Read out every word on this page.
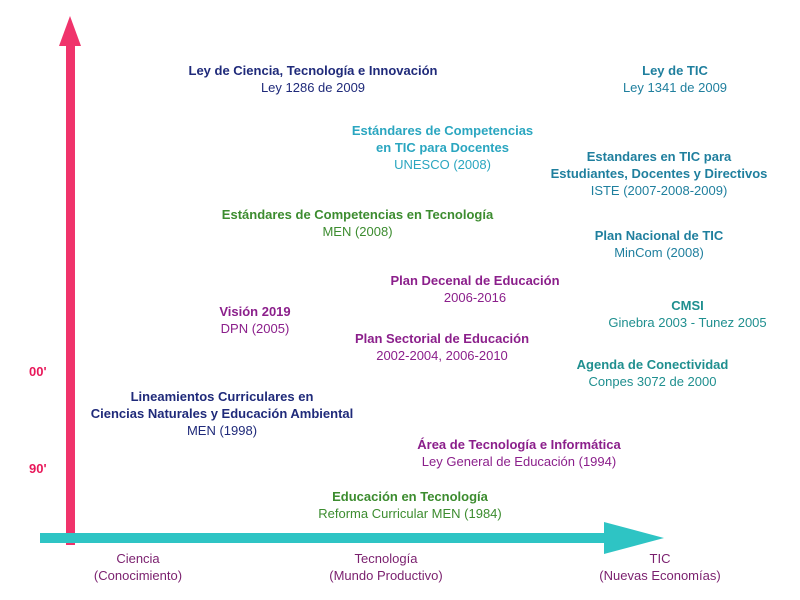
00'
90'
Ciencia
(Conocimiento)
Tecnología
(Mundo Productivo)
TIC
(Nuevas Economías)
Ley de Ciencia, Tecnología e Innovación
Ley 1286 de 2009
Ley de TIC
Ley 1341 de 2009
Estándares de Competencias
en TIC para Docentes
UNESCO (2008)
Estandares en TIC para
Estudiantes, Docentes y Directivos
ISTE (2007-2008-2009)
Estándares de Competencias en Tecnología
MEN (2008)	Plan Nacional de TIC
MinCom (2008)
Plan Decenal de Educación
2006-2016
Visión 2019
DPN (2005)
CMSI
Ginebra 2003 - Tunez 2005
Plan Sectorial de Educación
2002-2004, 2006-2010
Agenda de Conectividad
Conpes 3072 de 2000
Lineamientos Curriculares en
Ciencias Naturales y Educación Ambiental
MEN (1998)
Área de Tecnología e Informática
Ley General de Educación (1994)
Educación en Tecnología
Reforma Curricular MEN (1984)
